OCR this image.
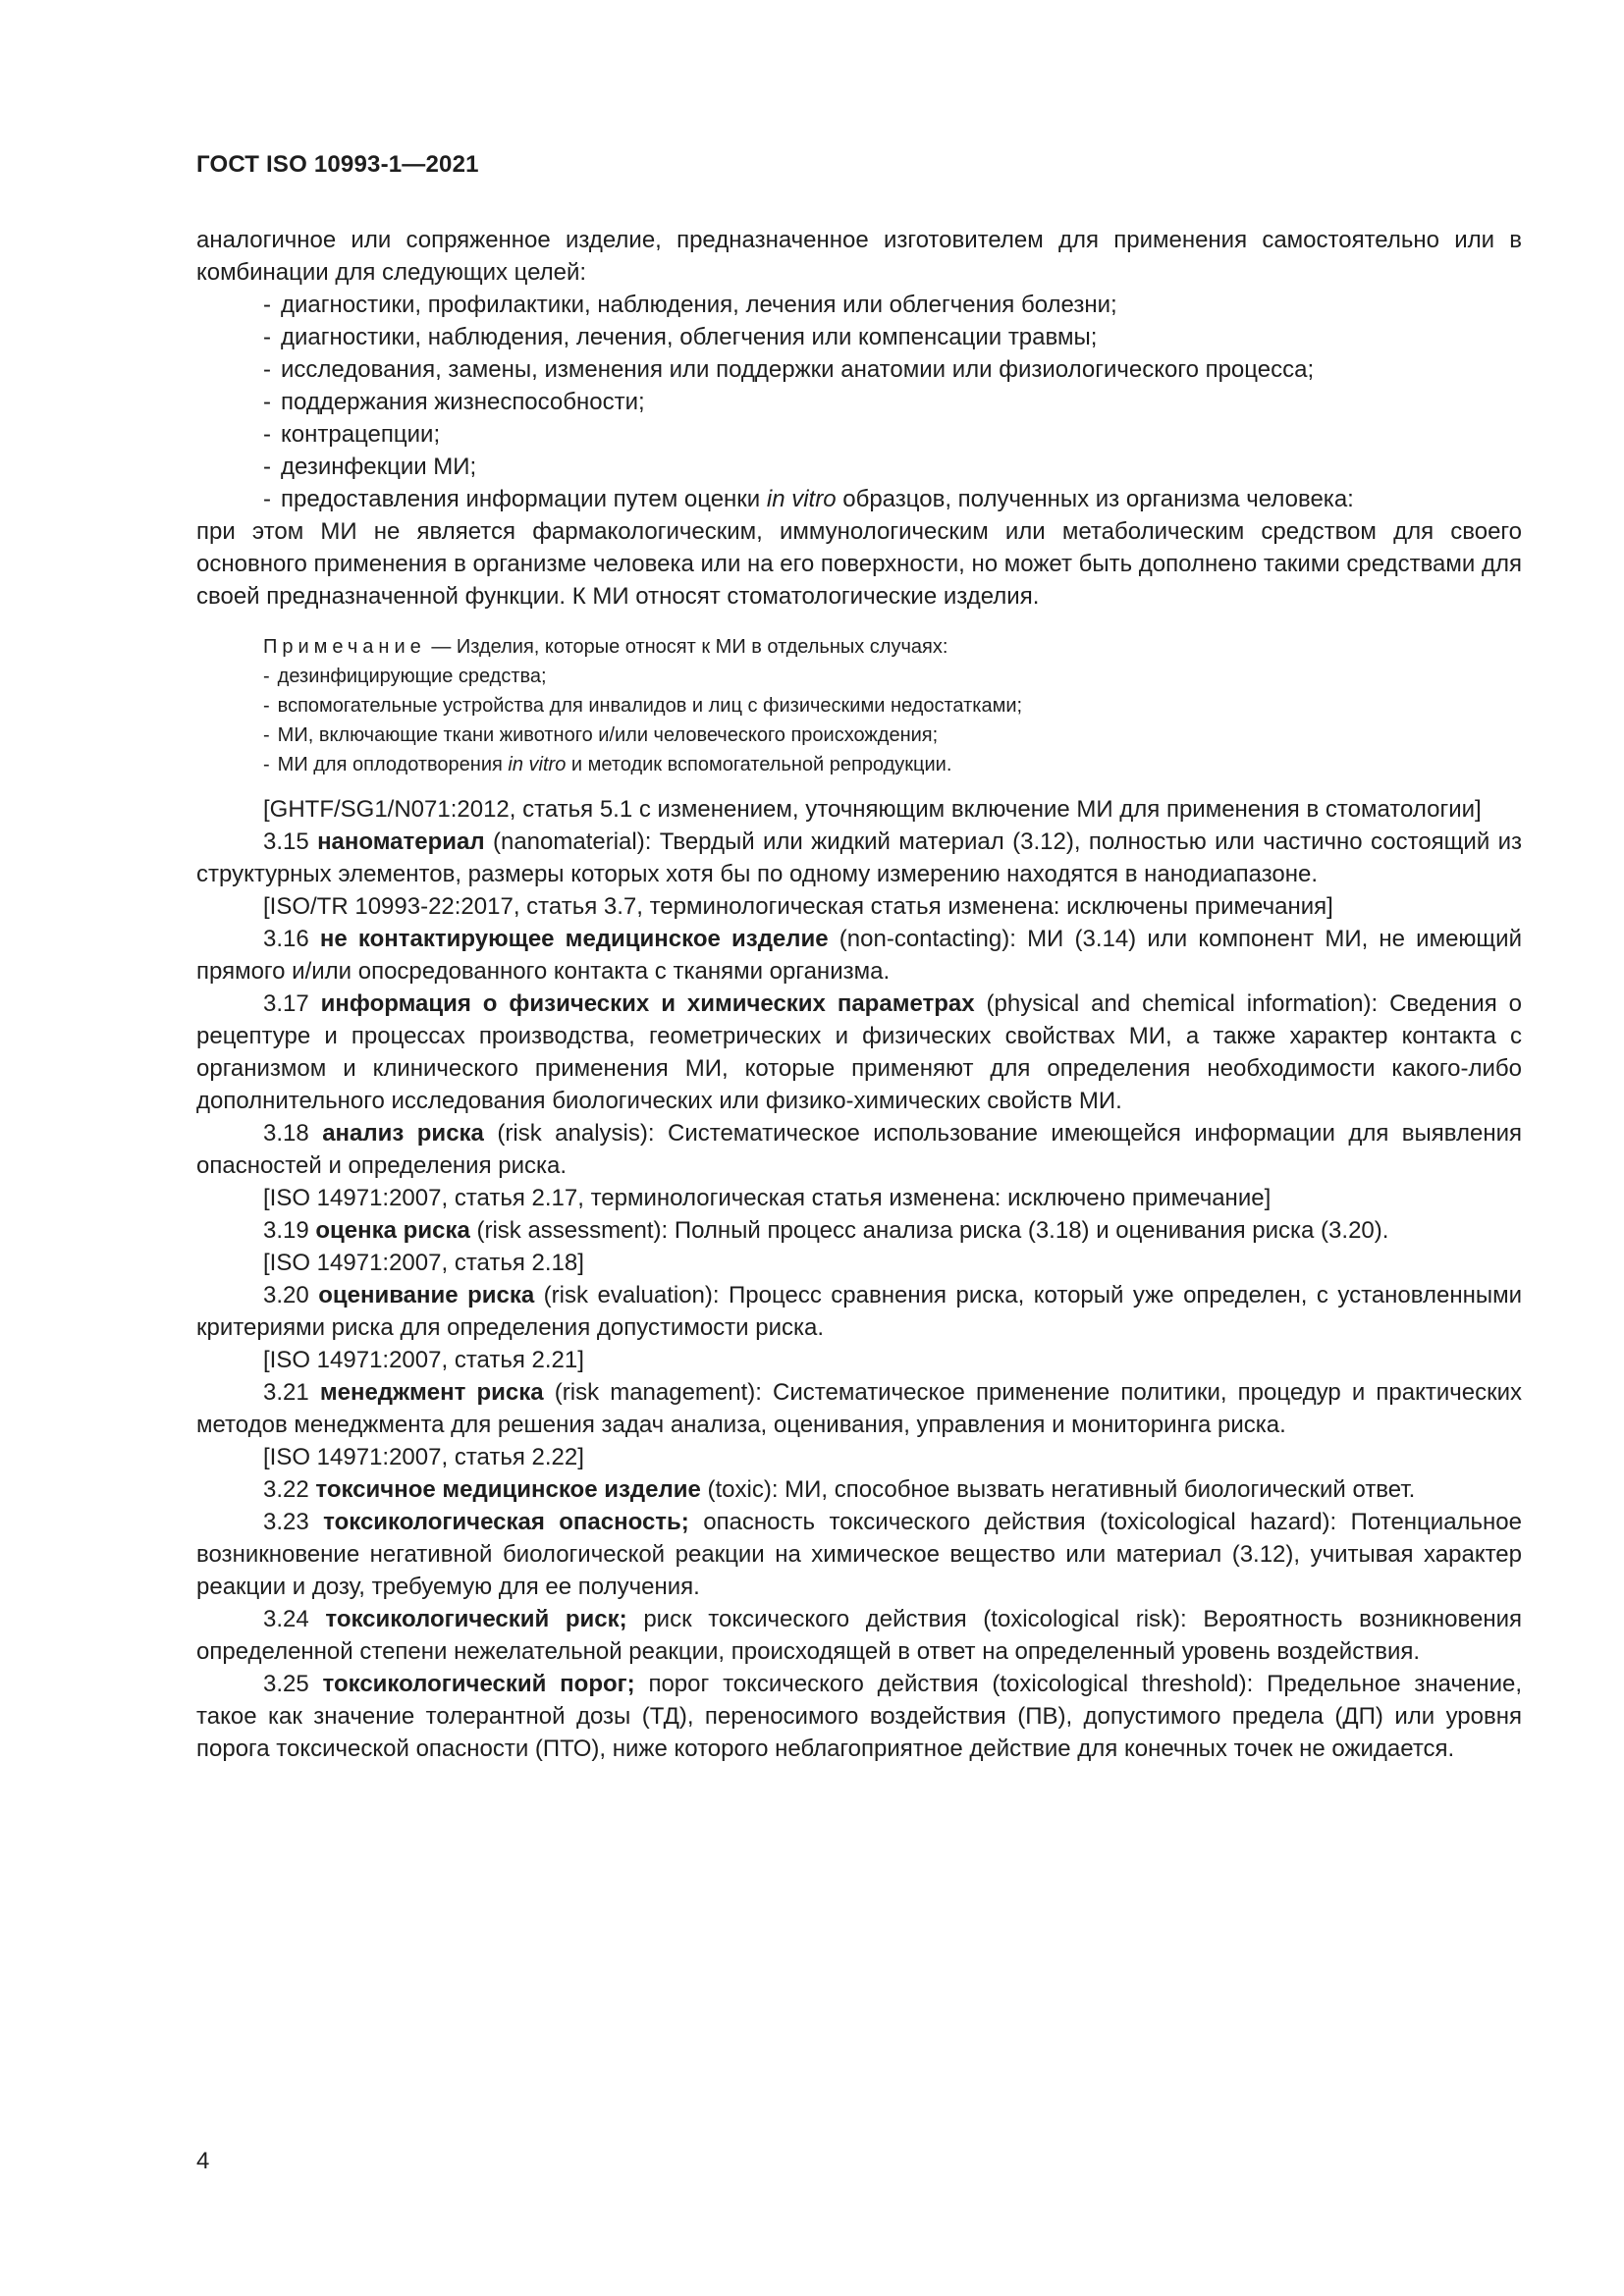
ГОСТ ISO 10993-1—2021

аналогичное или сопряженное изделие, предназначенное изготовителем для применения самостоятельно или в комбинации для следующих целей:

- диагностики, профилактики, наблюдения, лечения или облегчения болезни;
- диагностики, наблюдения, лечения, облегчения или компенсации травмы;
- исследования, замены, изменения или поддержки анатомии или физиологического процесса;
- поддержания жизнеспособности;
- контрацепции;
- дезинфекции МИ;
- предоставления информации путем оценки in vitro образцов, полученных из организма человека:

при этом МИ не является фармакологическим, иммунологическим или метаболическим средством для своего основного применения в организме человека или на его поверхности, но может быть дополнено такими средствами для своей предназначенной функции. К МИ относят стоматологические изделия.

Примечание — Изделия, которые относят к МИ в отдельных случаях:
- дезинфицирующие средства;
- вспомогательные устройства для инвалидов и лиц с физическими недостатками;
- МИ, включающие ткани животного и/или человеческого происхождения;
- МИ для оплодотворения in vitro и методик вспомогательной репродукции.

[GHTF/SG1/N071:2012, статья 5.1 с изменением, уточняющим включение МИ для применения в стоматологии]

3.15 наноматериал (nanomaterial): Твердый или жидкий материал (3.12), полностью или частично состоящий из структурных элементов, размеры которых хотя бы по одному измерению находятся в нанодиапазоне.

[ISO/TR 10993-22:2017, статья 3.7, терминологическая статья изменена: исключены примечания]

3.16 не контактирующее медицинское изделие (non-contacting): МИ (3.14) или компонент МИ, не имеющий прямого и/или опосредованного контакта с тканями организма.

3.17 информация о физических и химических параметрах (physical and chemical information): Сведения о рецептуре и процессах производства, геометрических и физических свойствах МИ, а также характер контакта с организмом и клинического применения МИ, которые применяют для определения необходимости какого-либо дополнительного исследования биологических или физико-химических свойств МИ.

3.18 анализ риска (risk analysis): Систематическое использование имеющейся информации для выявления опасностей и определения риска.

[ISO 14971:2007, статья 2.17, терминологическая статья изменена: исключено примечание]

3.19 оценка риска (risk assessment): Полный процесс анализа риска (3.18) и оценивания риска (3.20).

[ISO 14971:2007, статья 2.18]

3.20 оценивание риска (risk evaluation): Процесс сравнения риска, который уже определен, с установленными критериями риска для определения допустимости риска.

[ISO 14971:2007, статья 2.21]

3.21 менеджмент риска (risk management): Систематическое применение политики, процедур и практических методов менеджмента для решения задач анализа, оценивания, управления и мониторинга риска.

[ISO 14971:2007, статья 2.22]

3.22 токсичное медицинское изделие (toxic): МИ, способное вызвать негативный биологический ответ.

3.23 токсикологическая опасность; опасность токсического действия (toxicological hazard): Потенциальное возникновение негативной биологической реакции на химическое вещество или материал (3.12), учитывая характер реакции и дозу, требуемую для ее получения.

3.24 токсикологический риск; риск токсического действия (toxicological risk): Вероятность возникновения определенной степени нежелательной реакции, происходящей в ответ на определенный уровень воздействия.

3.25 токсикологический порог; порог токсического действия (toxicological threshold): Предельное значение, такое как значение толерантной дозы (ТД), переносимого воздействия (ПВ), допустимого предела (ДП) или уровня порога токсической опасности (ПТО), ниже которого неблагоприятное действие для конечных точек не ожидается.

4
